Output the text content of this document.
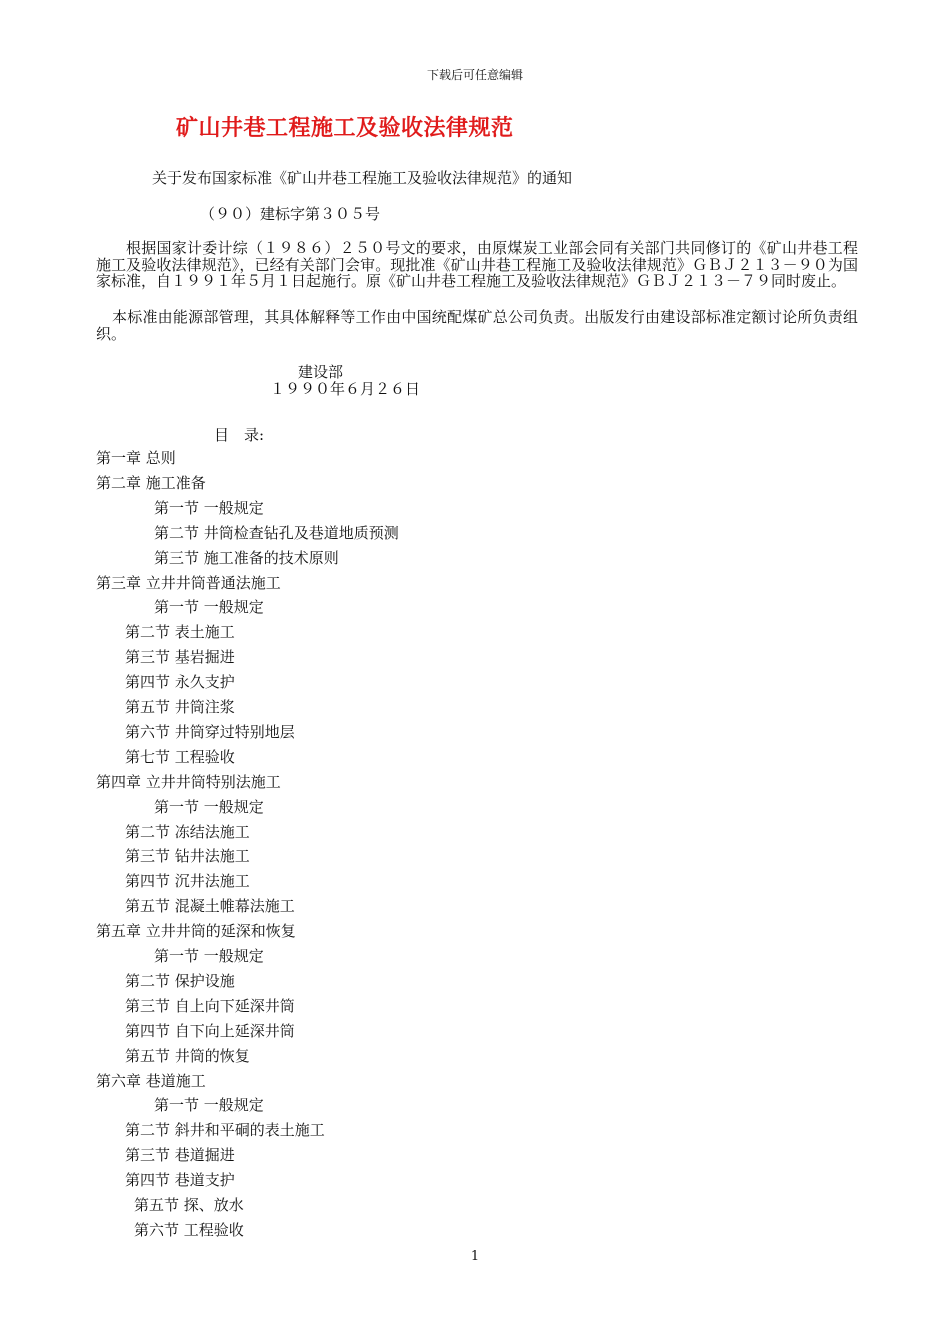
下载后可任意编辑
矿山井巷工程施工及验收法律规范
关于发布国家标准《矿山井巷工程施工及验收法律规范》的通知
（９０）建标字第３０５号

根据国家计委计综（１９８６）２５０号文的要求，由原煤炭工业部会同有关部门共同修订的《矿山井巷工程施工及验收法律规范》，已经有关部门会审。现批准《矿山井巷工程施工及验收法律规范》ＧＢＪ２１３－９０为国家标准，自１９９１年５月１日起施行。原《矿山井巷工程施工及验收法律规范》ＧＢＪ２１３－７９同时废止。

本标准由能源部管理，其具体解释等工作由中国统配煤矿总公司负责。出版发行由建设部标准定额讨论所负责组织。

建设部
１９９０年６月２６日
目　录:
第一章 总则
第二章 施工准备
第一节 一般规定
第二节 井筒检查钻孔及巷道地质预测
第三节 施工准备的技术原则
第三章 立井井筒普通法施工
第一节 一般规定
第二节 表土施工
第三节 基岩掘进
第四节 永久支护
第五节 井筒注浆
第六节 井筒穿过特别地层
第七节 工程验收
第四章 立井井筒特别法施工
第一节 一般规定
第二节 冻结法施工
第三节 钻井法施工
第四节 沉井法施工
第五节 混凝土帷幕法施工
第五章 立井井筒的延深和恢复
第一节 一般规定
第二节 保护设施
第三节 自上向下延深井筒
第四节 自下向上延深井筒
第五节 井筒的恢复
第六章 巷道施工
第一节 一般规定
第二节 斜井和平硐的表土施工
第三节 巷道掘进
第四节 巷道支护
第五节 探、放水
第六节 工程验收
1
